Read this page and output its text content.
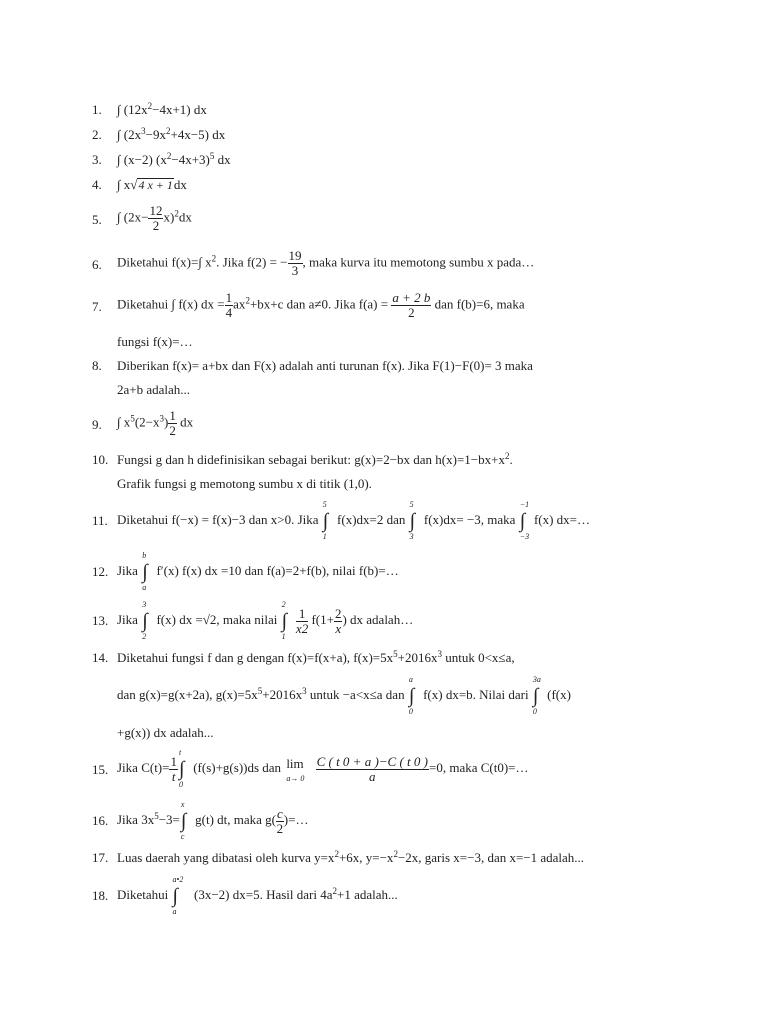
1.	∫ $(12x^2-4x+1)$ dx
2.	∫ $(2x^3-9x^2+4x-5)$ dx
3.	∫ (x−2) $(x^2-4x+3)^5$ dx
4.	∫ x√4 x + 1dx
5.	∫ $(2x- \frac{12}{2} x)^2dx$
6.	Diketahui f(x)=∫ $x^2$. Jika f(2) = − $\frac{19}{3}$ , maka kurva itu memotong sumbu x pada…
7.	Diketahui ∫ f(x) dx = $\frac{1}{4} ax^2+bx+c$ dan a≠0. Jika $f(a) = \frac{a + 2 b}{2}$ dan f(b)=6, maka
fungsi f(x)=…
8.	Diberikan f(x)= a+bx dan F(x) adalah anti turunan f(x). Jika F(1)−F(0)= 3 maka
2a+b adalah...
9.	∫ $x^5(2-x^3) \frac{1}{2}$ dx
10. Fungsi g dan h didefinisikan sebagai berikut: g(x)=2−bx dan $h(x)=1-bx+x^2$.
Grafik fungsi g memotong sumbu x di titik (1,0).
11. Diketahui f(−x) = f(x)−3 dan x>0. Jika
5
∫
1
f(x)dx=2 dan
5
∫
3
f(x)dx= −3, maka
−1
∫
−3
f(x) dx=…
12. Jika
b
∫
a
f′(x) f(x) dx =10 dan f(a)=2+f(b), nilai f(b)=…
13. Jika
3
∫
2
f(x) dx =√2, maka nilai
2
∫
1

$\frac{1}{x2} f(1+ \frac{2}{x}$ ) dx adalah…
14. Diketahui fungsi f dan g dengan f(x)=f(x+a), $f(x)=5x^5+2016x^3$ untuk 0<x≤a,
dan g(x)=g(x+2a), $g(x)=5x^5+2016x^3$ untuk −a<x≤a dan
a
∫
0
f(x) dx=b. Nilai dari
3a
∫
0
(f(x)
+g(x)) dx adalah...
15. Jika $C(t)= \frac{1}{t}$
t
∫
0
(f(s)+g(s))ds dan lim
a→ 0
$\frac{C ( t 0 + a )-C ( t 0 )}{a} =0$, maka C(t0)=…
16. Jika $3x^5-3=$
x
∫
c
g(t) dt, maka $g( \frac{c}{2}$ )=…
17. Luas daerah yang dibatasi oleh kurva $y=x^2+6x$, $y=-x^2-2x$, garis x=−3, dan x=−1 adalah...
18. Diketahui
a•2
∫
a
(3x−2) dx=5. Hasil dari $4a^2+1$ adalah...
